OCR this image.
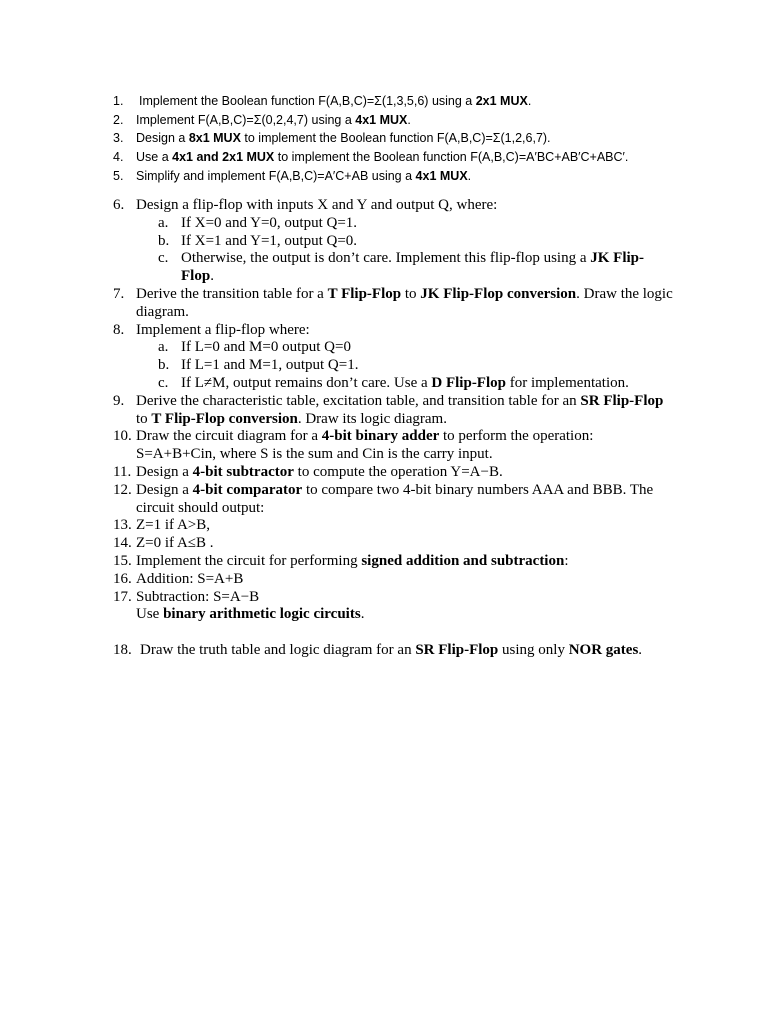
1. Implement the Boolean function F(A,B,C)=Σ(1,3,5,6) using a 2x1 MUX.
2. Implement F(A,B,C)=Σ(0,2,4,7) using a 4x1 MUX.
3. Design a 8x1 MUX to implement the Boolean function F(A,B,C)=Σ(1,2,6,7).
4. Use a 4x1 and 2x1 MUX to implement the Boolean function F(A,B,C)=A′BC+AB′C+ABC′.
5. Simplify and implement F(A,B,C)=A′C+AB using a 4x1 MUX.
6. Design a flip-flop with inputs X and Y and output Q, where:
a. If X=0 and Y=0, output Q=1.
b. If X=1 and Y=1, output Q=0.
c. Otherwise, the output is don’t care. Implement this flip-flop using a JK Flip-
Flop.
7. Derive the transition table for a T Flip-Flop to JK Flip-Flop conversion. Draw the logic
diagram.
8. Implement a flip-flop where:
a. If L=0 and M=0 output Q=0
b. If L=1 and M=1, output Q=1.
c. If L≠M, output remains don’t care. Use a D Flip-Flop for implementation.
9. Derive the characteristic table, excitation table, and transition table for an SR Flip-Flop
to T Flip-Flop conversion. Draw its logic diagram.
10. Draw the circuit diagram for a 4-bit binary adder to perform the operation:
S=A+B+Cin, where S is the sum and Cin is the carry input.
11. Design a 4-bit subtractor to compute the operation Y=A−B.
12. Design a 4-bit comparator to compare two 4-bit binary numbers AAA and BBB. The
circuit should output:
13. Z=1 if A>B,
14. Z=0 if A≤B .
15. Implement the circuit for performing signed addition and subtraction:
16. Addition: S=A+B
17. Subtraction: S=A−B
Use binary arithmetic logic circuits.
18. Draw the truth table and logic diagram for an SR Flip-Flop using only NOR gates.
